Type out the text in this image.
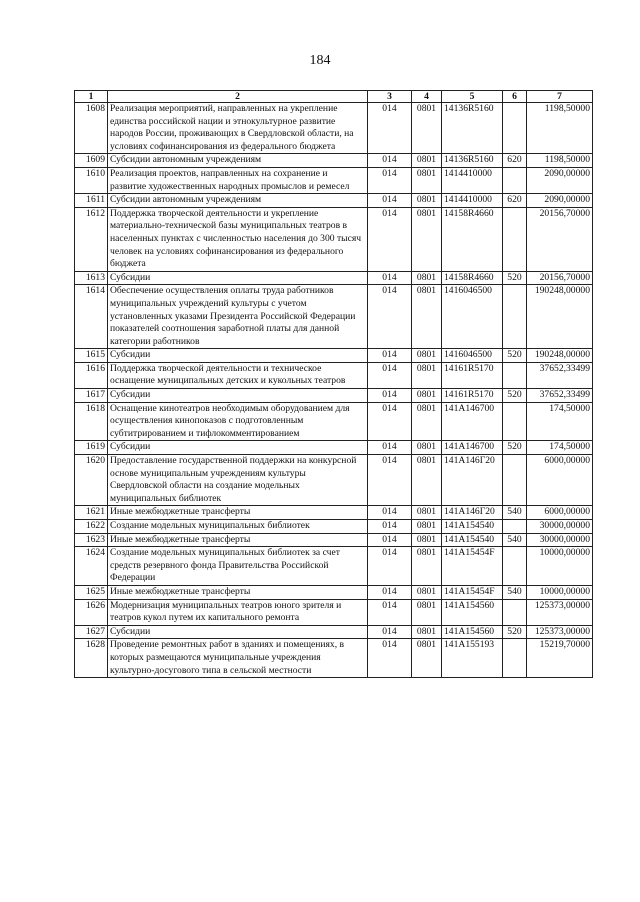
184
1	2	3	4	5	6	7
1608	Реализация мероприятий, направленных на укрепление единства российской нации и этнокультурное развитие народов России, проживающих в Свердловской области, на условиях софинансирования из федерального бюджета	014	0801	14136R5160		1198,50000
1609	Субсидии автономным учреждениям	014	0801	14136R5160	620	1198,50000
1610	Реализация проектов, направленных на сохранение и развитие художественных народных промыслов и ремесел	014	0801	1414410000		2090,00000
1611	Субсидии автономным учреждениям	014	0801	1414410000	620	2090,00000
1612	Поддержка творческой деятельности и укрепление материально-технической базы муниципальных театров в населенных пунктах с численностью населения до 300 тысяч человек на условиях софинансирования из федерального бюджета	014	0801	14158R4660		20156,70000
1613	Субсидии	014	0801	14158R4660	520	20156,70000
1614	Обеспечение осуществления оплаты труда работников муниципальных учреждений культуры с учетом установленных указами Президента Российской Федерации показателей соотношения заработной платы для данной категории работников	014	0801	1416046500		190248,00000
1615	Субсидии	014	0801	1416046500	520	190248,00000
1616	Поддержка творческой деятельности и техническое оснащение муниципальных детских и кукольных театров	014	0801	14161R5170		37652,33499
1617	Субсидии	014	0801	14161R5170	520	37652,33499
1618	Оснащение кинотеатров необходимым оборудованием для осуществления кинопоказов с подготовленным субтитрированием и тифлокомментированием	014	0801	141A146700		174,50000
1619	Субсидии	014	0801	141A146700	520	174,50000
1620	Предоставление государственной поддержки на конкурсной основе муниципальным учреждениям культуры Свердловской области на создание модельных муниципальных библиотек	014	0801	141A146Г20		6000,00000
1621	Иные межбюджетные трансферты	014	0801	141A146Г20	540	6000,00000
1622	Создание модельных муниципальных библиотек	014	0801	141A154540		30000,00000
1623	Иные межбюджетные трансферты	014	0801	141A154540	540	30000,00000
1624	Создание модельных муниципальных библиотек за счет средств резервного фонда Правительства Российской Федерации	014	0801	141A15454F		10000,00000
1625	Иные межбюджетные трансферты	014	0801	141A15454F	540	10000,00000
1626	Модернизация муниципальных театров юного зрителя и театров кукол путем их капитального ремонта	014	0801	141A154560		125373,00000
1627	Субсидии	014	0801	141A154560	520	125373,00000
1628	Проведение ремонтных работ в зданиях и помещениях, в которых размещаются муниципальные учреждения культурно-досугового типа в сельской местности	014	0801	141A155193		15219,70000
